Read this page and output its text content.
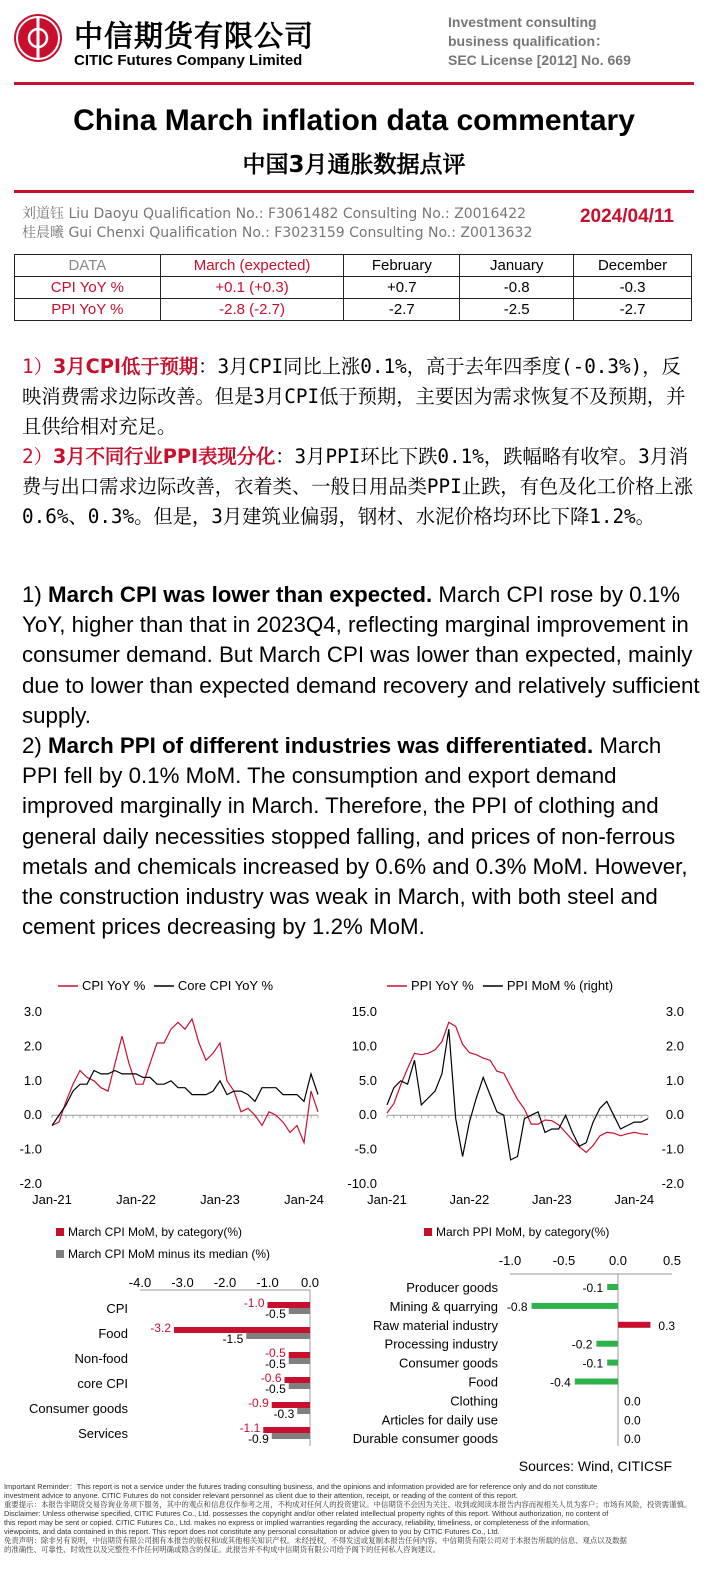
中信期货有限公司
CITIC Futures Company Limited
Investment consulting
business qualification：
SEC License [2012] No. 669
China March inflation data commentary
中国3月通胀数据点评
刘道钰 Liu Daoyu Qualification No.: F3061482 Consulting No.: Z0016422
桂晨曦 Gui Chenxi Qualification No.: F3023159 Consulting No.: Z0013632
2024/04/11
DATA	March (expected)	February	January	December
CPI YoY %	+0.1 (+0.3)	+0.7	-0.8	-0.3
PPI YoY %	-2.8 (-2.7)	-2.7	-2.5	-2.7
1）3月CPI低于预期：3月CPI同比上涨0.1%，高于去年四季度(-0.3%)，反映消费需求边际改善。但是3月CPI低于预期，主要因为需求恢复不及预期，并且供给相对充足。
2）3月不同行业PPI表现分化：3月PPI环比下跌0.1%，跌幅略有收窄。3月消费与出口需求边际改善，衣着类、一般日用品类PPI止跌，有色及化工价格上涨0.6%、0.3%。但是，3月建筑业偏弱，钢材、水泥价格均环比下降1.2%。
1) March CPI was lower than expected. March CPI rose by 0.1% YoY, higher than that in 2023Q4, reflecting marginal improvement in consumer demand. But March CPI was lower than expected, mainly due to lower than expected demand recovery and relatively sufficient supply.
2) March PPI of different industries was differentiated. March PPI fell by 0.1% MoM. The consumption and export demand improved marginally in March. Therefore, the PPI of clothing and general daily necessities stopped falling, and prices of non-ferrous metals and chemicals increased by 0.6% and 0.3% MoM. However, the construction industry was weak in March, with both steel and cement prices decreasing by 1.2% MoM.
3.0
2.0
1.0
0.0
-1.0
-2.0
Jan-21	Jan-22	Jan-23	Jan-24
CPI YoY %	Core CPI YoY %
15.0
10.0
5.0
0.0
-5.0
-10.0
3.0
2.0
1.0
0.0
-1.0
-2.0
Jan-21	Jan-22	Jan-23	Jan-24
PPI YoY %	PPI MoM % (right)
March CPI MoM, by category(%)
March CPI MoM minus its median (%)
-4.0 -3.0 -2.0 -1.0 0.0
CPI	-1.0
-0.5
Food -3.2
-1.5
Non-food	-0.5
-0.5
core CPI	-0.6
-0.5
Consumer goods	-0.9
-0.3
Services	-1.1
-0.9
March PPI MoM, by category(%)
-1.0 -0.5	0.0	0.5
Producer goods	-0.1
Mining & quarrying -0.8
Raw material industry	0.3
Processing industry	-0.2
Consumer goods	-0.1
Food	-0.4
Clothing	0.0
Articles for daily use	0.0
Durable consumer goods	0.0
Sources: Wind, CITICSF
Important Reminder：This report is not a service under the futures trading consulting business, and the opinions and information provided are for reference only and do not constitute
investment advice to anyone. CITIC Futures do not consider relevant personnel as client due to their attention, receipt, or reading of the content of this report.
重要提示：本报告非期货交易咨询业务项下服务，其中的观点和信息仅作参考之用，不构成对任何人的投资建议。中信期货不会因为关注、收到或阅读本报告内容而视相关人员为客户；市场有风险，投资需谨慎。
Disclaimer: Unless otherwise specified, CITIC Futures Co., Ltd. possesses the copyright and/or other related intellectual property rights of this report. Without authorization, no content of
this report may be sent or copied. CITIC Futures Co., Ltd. makes no express or implied warranties regarding the accuracy, reliability, timeliness, or completeness of the information,
viewpoints, and data contained in this report. This report does not constitute any personal consultation or advice given to you by CITIC Futures Co., Ltd.
免责声明：除非另有说明，中信期货有限公司拥有本报告的版权和/或其他相关知识产权。未经授权，不得发送或复制本报告任何内容。中信期货有限公司对于本报告所载的信息、观点以及数据
的准确性、可靠性、时效性以及完整性不作任何明确或隐含的保证。此报告并不构成中信期货有限公司给予阁下的任何私人咨询建议。
